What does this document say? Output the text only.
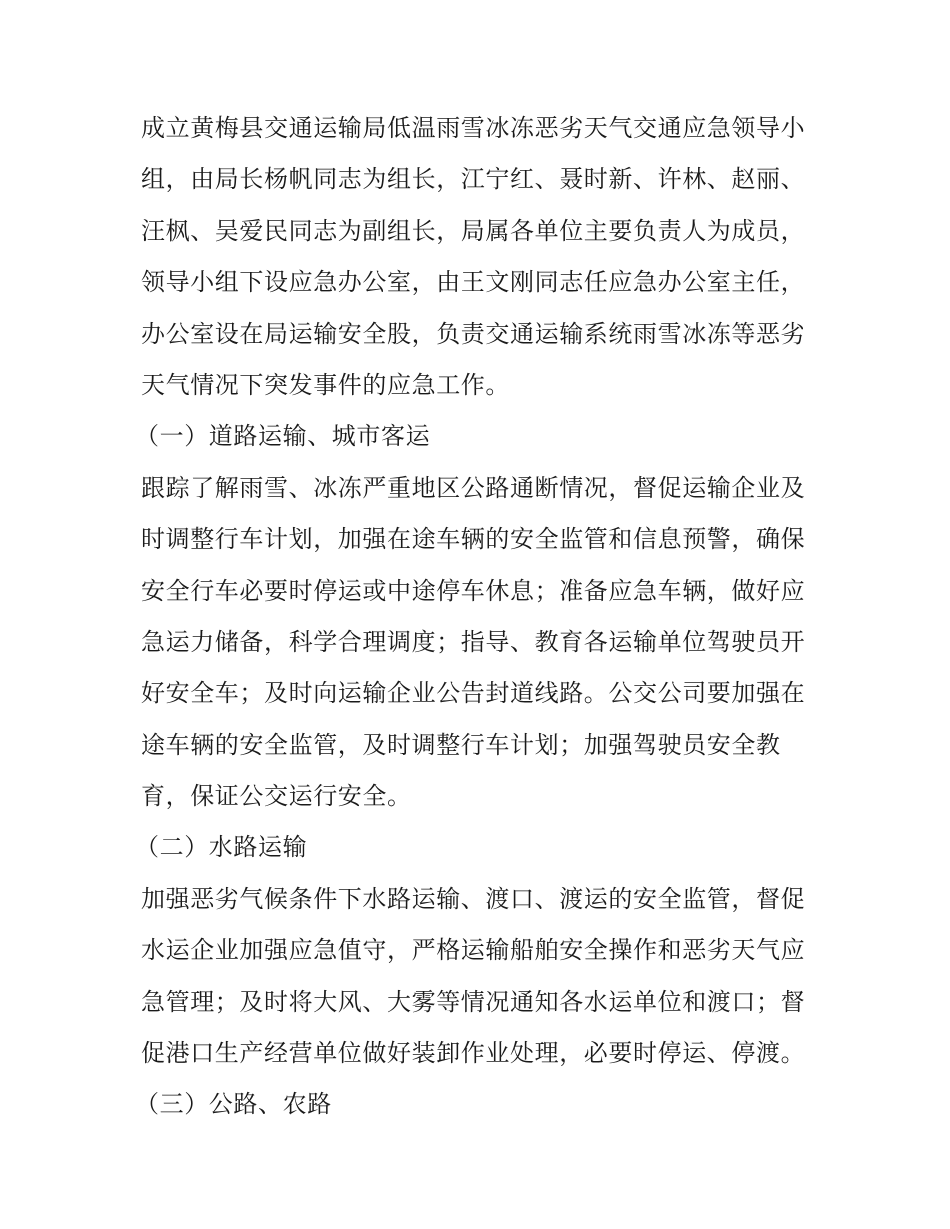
成立黄梅县交通运输局低温雨雪冰冻恶劣天气交通应急领导小
组，由局长杨帆同志为组长，江宁红、聂时新、许林、赵丽、
汪枫、吴爱民同志为副组长，局属各单位主要负责人为成员，
领导小组下设应急办公室，由王文刚同志任应急办公室主任，
办公室设在局运输安全股，负责交通运输系统雨雪冰冻等恶劣
天气情况下突发事件的应急工作。
（一）道路运输、城市客运
跟踪了解雨雪、冰冻严重地区公路通断情况，督促运输企业及
时调整行车计划，加强在途车辆的安全监管和信息预警，确保
安全行车必要时停运或中途停车休息；准备应急车辆，做好应
急运力储备，科学合理调度；指导、教育各运输单位驾驶员开
好安全车；及时向运输企业公告封道线路。公交公司要加强在
途车辆的安全监管，及时调整行车计划；加强驾驶员安全教
育，保证公交运行安全。
（二）水路运输
加强恶劣气候条件下水路运输、渡口、渡运的安全监管，督促
水运企业加强应急值守，严格运输船舶安全操作和恶劣天气应
急管理；及时将大风、大雾等情况通知各水运单位和渡口；督
促港口生产经营单位做好装卸作业处理，必要时停运、停渡。
（三）公路、农路
